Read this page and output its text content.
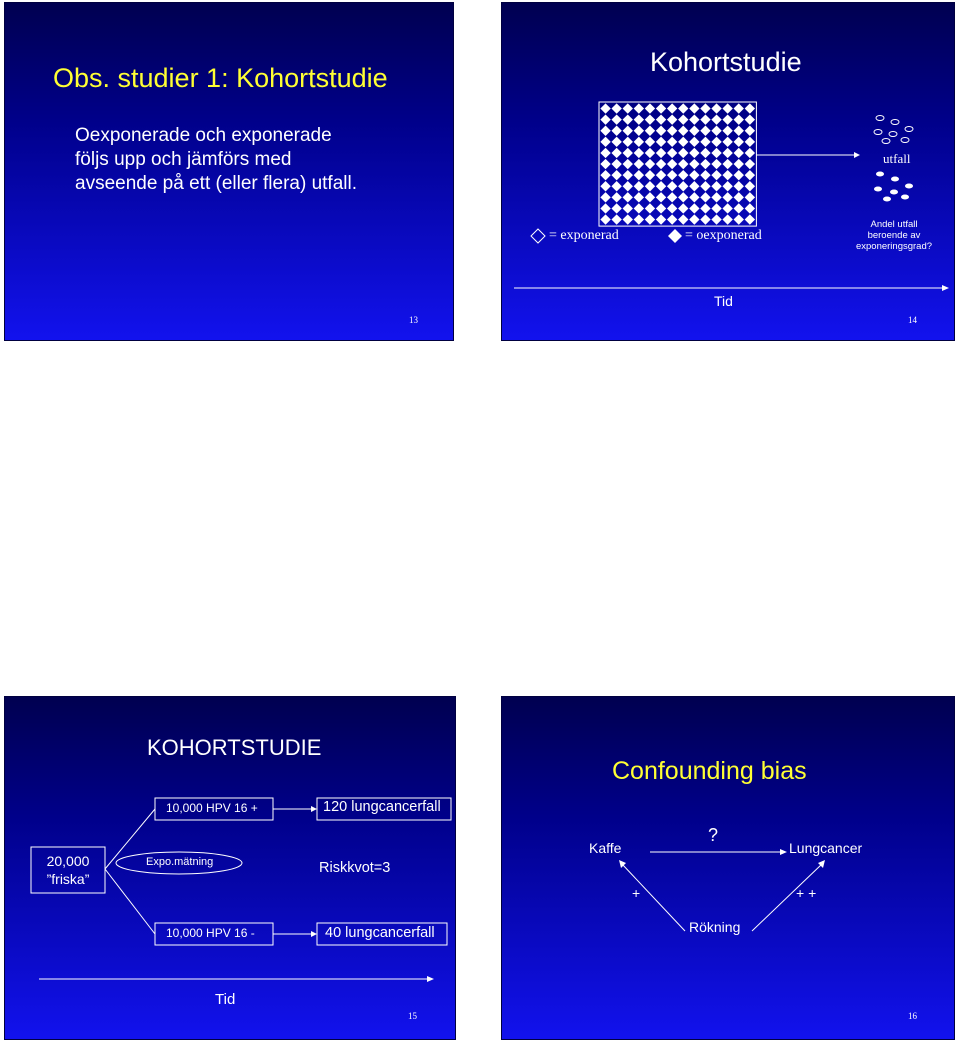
Obs. studier 1: Kohortstudie
Oexponerade och exponerade
följs upp och jämförs med
avseende på ett (eller flera) utfall.
13
Kohortstudie
utfall
= exponerad	= oexponerad
Andel utfall
beroende av
exponeringsgrad?
Tid
14
KOHORTSTUDIE
10,000 HPV 16 +
10,000 HPV 16 -
120 lungcancerfall
40 lungcancerfall
20,000
”friska”
Expo.mätning	Riskkvot=3
Tid
15
Confounding bias
Kaffe	Lungcancer
?
Rökning
+	+ +
16
